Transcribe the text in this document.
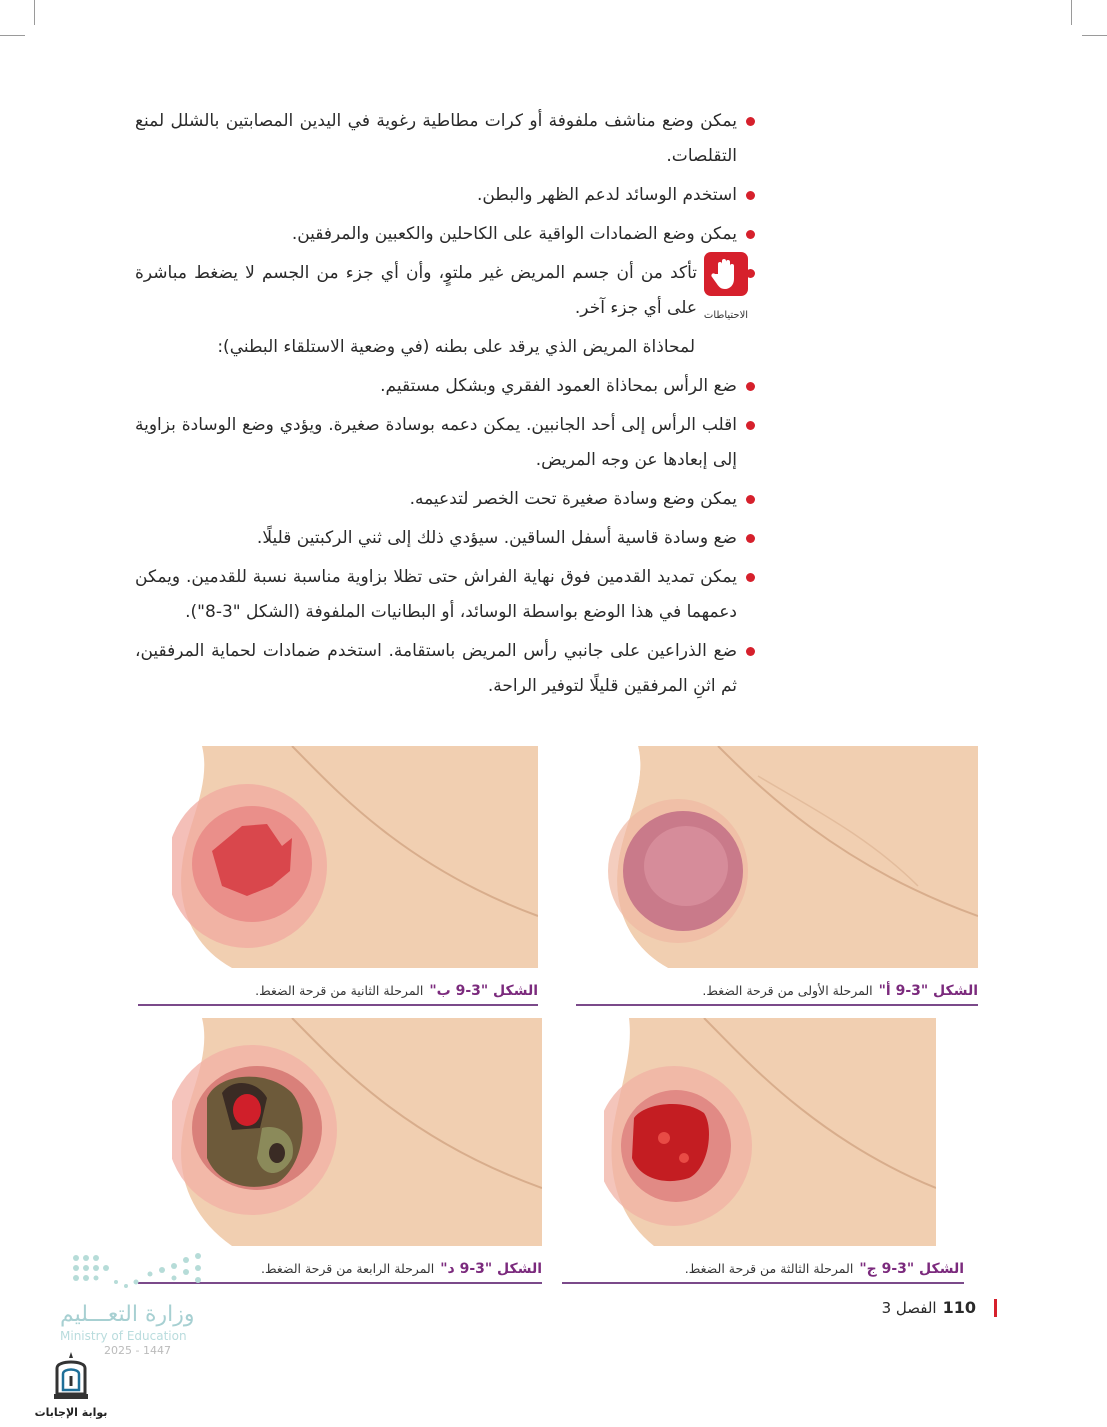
يمكن وضع مناشف ملفوفة أو كرات مطاطية رغوية في اليدين المصابتين بالشلل لمنع التقلصات.
استخدم الوسائد لدعم الظهر والبطن.
يمكن وضع الضمادات الواقية على الكاحلين والكعبين والمرفقين.
الاحتياطات
تأكد من أن جسم المريض غير ملتوٍ، وأن أي جزء من الجسم لا يضغط مباشرة على أي جزء آخر.
لمحاذاة المريض الذي يرقد على بطنه (في وضعية الاستلقاء البطني):
ضع الرأس بمحاذاة العمود الفقري وبشكل مستقيم.
اقلب الرأس إلى أحد الجانبين. يمكن دعمه بوسادة صغيرة. ويؤدي وضع الوسادة بزاوية إلى إبعادها عن وجه المريض.
يمكن وضع وسادة صغيرة تحت الخصر لتدعيمه.
ضع وسادة قاسية أسفل الساقين. سيؤدي ذلك إلى ثني الركبتين قليلًا.
يمكن تمديد القدمين فوق نهاية الفراش حتى تظلا بزاوية مناسبة نسبة للقدمين. ويمكن دعمهما في هذا الوضع بواسطة الوسائد، أو البطانيات الملفوفة (الشكل "3-8").
ضع الذراعين على جانبي رأس المريض باستقامة. استخدم ضمادات لحماية المرفقين، ثم اثنِ المرفقين قليلًا لتوفير الراحة.
الشكل "3-9 أ"المرحلة الأولى من قرحة الضغط.
الشكل "3-9 ب"المرحلة الثانية من قرحة الضغط.
الشكل "3-9 ج"المرحلة الثالثة من قرحة الضغط.
الشكل "3-9 د"المرحلة الرابعة من قرحة الضغط.
110
الفصل 3
وزارة التعـــليم
Ministry of Education
2025 - 1447
بوابة الإجابات
